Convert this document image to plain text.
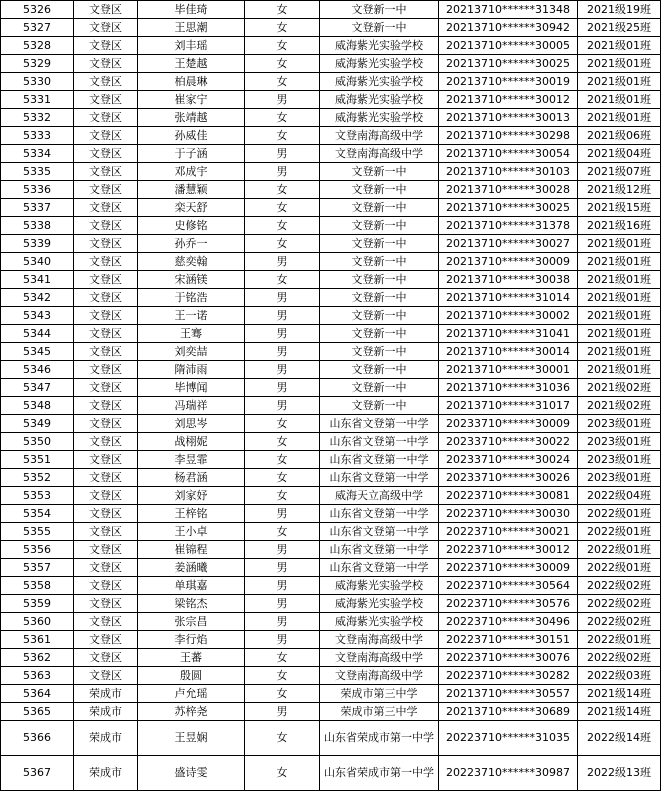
5326	文登区	毕佳琦	女	文登新一中	20213710******31348	2021级19班
5327	文登区	王思潮	女	文登新一中	20213710******30942	2021级25班
5328	文登区	刘丰瑶	女	威海紫光实验学校	20213710******30005	2021级01班
5329	文登区	王楚越	女	威海紫光实验学校	20213710******30025	2021级01班
5330	文登区	柏晨琳	女	威海紫光实验学校	20213710******30019	2021级01班
5331	文登区	崔家宁	男	威海紫光实验学校	20213710******30012	2021级01班
5332	文登区	张靖越	女	威海紫光实验学校	20213710******30013	2021级01班
5333	文登区	孙威佳	女	文登南海高级中学	20213710******30298	2021级06班
5334	文登区	于子涵	男	文登南海高级中学	20213710******30054	2021级04班
5335	文登区	邓成宇	男	文登新一中	20213710******30103	2021级07班
5336	文登区	潘慧颖	女	文登新一中	20213710******30028	2021级12班
5337	文登区	栾天舒	女	文登新一中	20213710******30025	2021级15班
5338	文登区	史修铭	女	文登新一中	20213710******31378	2021级16班
5339	文登区	孙乔一	女	文登新一中	20213710******30027	2021级01班
5340	文登区	慈奕翰	男	文登新一中	20213710******30009	2021级01班
5341	文登区	宋涵镁	女	文登新一中	20213710******30038	2021级01班
5342	文登区	于铭浩	男	文登新一中	20213710******31014	2021级01班
5343	文登区	王一诺	男	文登新一中	20213710******30002	2021级01班
5344	文登区	王骞	男	文登新一中	20213710******31041	2021级01班
5345	文登区	刘奕喆	男	文登新一中	20213710******30014	2021级01班
5346	文登区	隋沛雨	男	文登新一中	20213710******30001	2021级01班
5347	文登区	毕博闻	男	文登新一中	20213710******31036	2021级02班
5348	文登区	冯瑞祥	男	文登新一中	20213710******31017	2021级02班
5349	文登区	刘思岑	女	山东省文登第一中学	20233710******30009	2023级01班
5350	文登区	战栩妮	女	山东省文登第一中学	20233710******30022	2023级01班
5351	文登区	李昱霏	女	山东省文登第一中学	20233710******30024	2023级01班
5352	文登区	杨君涵	女	山东省文登第一中学	20233710******30026	2023级01班
5353	文登区	刘家妤	女	威海天立高级中学	20223710******30081	2022级04班
5354	文登区	王梓铭	男	山东省文登第一中学	20223710******30030	2022级01班
5355	文登区	王小卓	女	山东省文登第一中学	20223710******30021	2022级01班
5356	文登区	崔锦程	男	山东省文登第一中学	20223710******30012	2022级01班
5357	文登区	姜涵曦	男	山东省文登第一中学	20223710******30009	2022级01班
5358	文登区	单琪嘉	男	威海紫光实验学校	20223710******30564	2022级02班
5359	文登区	梁铭杰	男	威海紫光实验学校	20223710******30576	2022级02班
5360	文登区	张宗昌	男	威海紫光实验学校	20223710******30496	2022级02班
5361	文登区	李行焰	男	文登南海高级中学	20223710******30151	2022级01班
5362	文登区	王蕃	女	文登南海高级中学	20223710******30076	2022级02班
5363	文登区	殷圆	女	文登南海高级中学	20223710******30282	2022级03班
5364	荣成市	卢允瑶	女	荣成市第三中学	20213710******30557	2021级14班
5365	荣成市	苏梓尧	男	荣成市第三中学	20213710******30689	2021级14班
5366	荣成市	王昱娴	女	山东省荣成市第一中学	20223710******31035	2022级14班
5367	荣成市	盛诗雯	女	山东省荣成市第一中学	20223710******30987	2022级13班
